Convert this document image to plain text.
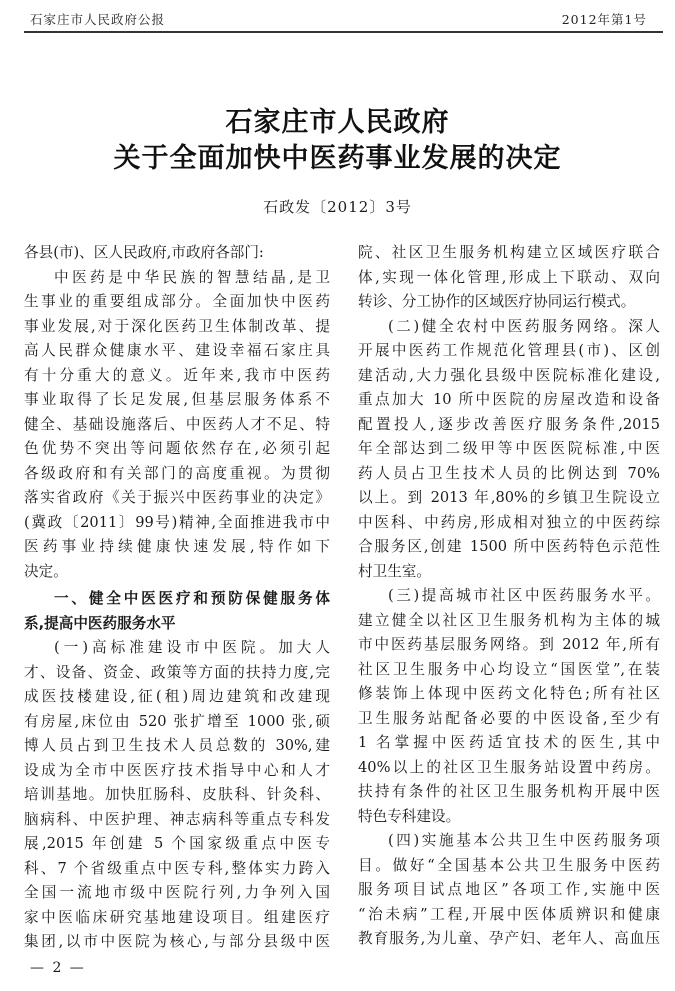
石家庄市人民政府公报	2012年第1号
石家庄市人民政府
关于全面加快中医药事业发展的决定
石政发〔2012〕3号
各县(市)、区人民政府,市政府各部门:
中医药是中华民族的智慧结晶,是卫
生事业的重要组成部分。全面加快中医药
事业发展,对于深化医药卫生体制改革、提
高人民群众健康水平、建设幸福石家庄具
有十分重大的意义。近年来,我市中医药
事业取得了长足发展,但基层服务体系不
健全、基础设施落后、中医药人才不足、特
色优势不突出等问题依然存在,必须引起
各级政府和有关部门的高度重视。为贯彻
落实省政府《关于振兴中医药事业的决定》
(冀政〔2011〕99号)精神,全面推进我市中
医药事业持续健康快速发展,特作如下
决定。
一、健全中医医疗和预防保健服务体
系,提高中医药服务水平
(一)高标准建设市中医院。加大人
才、设备、资金、政策等方面的扶持力度,完
成医技楼建设,征(租)周边建筑和改建现
有房屋,床位由 520 张扩增至 1000 张,硕
博人员占到卫生技术人员总数的 30%,建
设成为全市中医医疗技术指导中心和人才
培训基地。加快肛肠科、皮肤科、针灸科、
脑病科、中医护理、神志病科等重点专科发
展,2015 年创建 5 个国家级重点中医专
科、7 个省级重点中医专科,整体实力跨入
全国一流地市级中医院行列,力争列入国
家中医临床研究基地建设项目。组建医疗
集团,以市中医院为核心,与部分县级中医
院、社区卫生服务机构建立区域医疗联合
体,实现一体化管理,形成上下联动、双向
转诊、分工协作的区域医疗协同运行模式。
(二)健全农村中医药服务网络。深人
开展中医药工作规范化管理县(市)、区创
建活动,大力强化县级中医院标准化建设,
重点加大 10 所中医院的房屋改造和设备
配置投人,逐步改善医疗服务条件,2015
年全部达到二级甲等中医医院标准,中医
药人员占卫生技术人员的比例达到 70%
以上。到 2013 年,80%的乡镇卫生院设立
中医科、中药房,形成相对独立的中医药综
合服务区,创建 1500 所中医药特色示范性
村卫生室。
(三)提高城市社区中医药服务水平。
建立健全以社区卫生服务机构为主体的城
市中医药基层服务网络。到 2012 年,所有
社区卫生服务中心均设立“国医堂”,在装
修装饰上体现中医药文化特色;所有社区
卫生服务站配备必要的中医设备,至少有
1 名掌握中医药适宜技术的医生,其中
40%以上的社区卫生服务站设置中药房。
扶持有条件的社区卫生服务机构开展中医
特色专科建设。
(四)实施基本公共卫生中医药服务项
目。做好“全国基本公共卫生服务中医药
服务项目试点地区”各项工作,实施中医
“治未病”工程,开展中医体质辨识和健康
教育服务,为儿童、孕产妇、老年人、高血压
— 2 —
